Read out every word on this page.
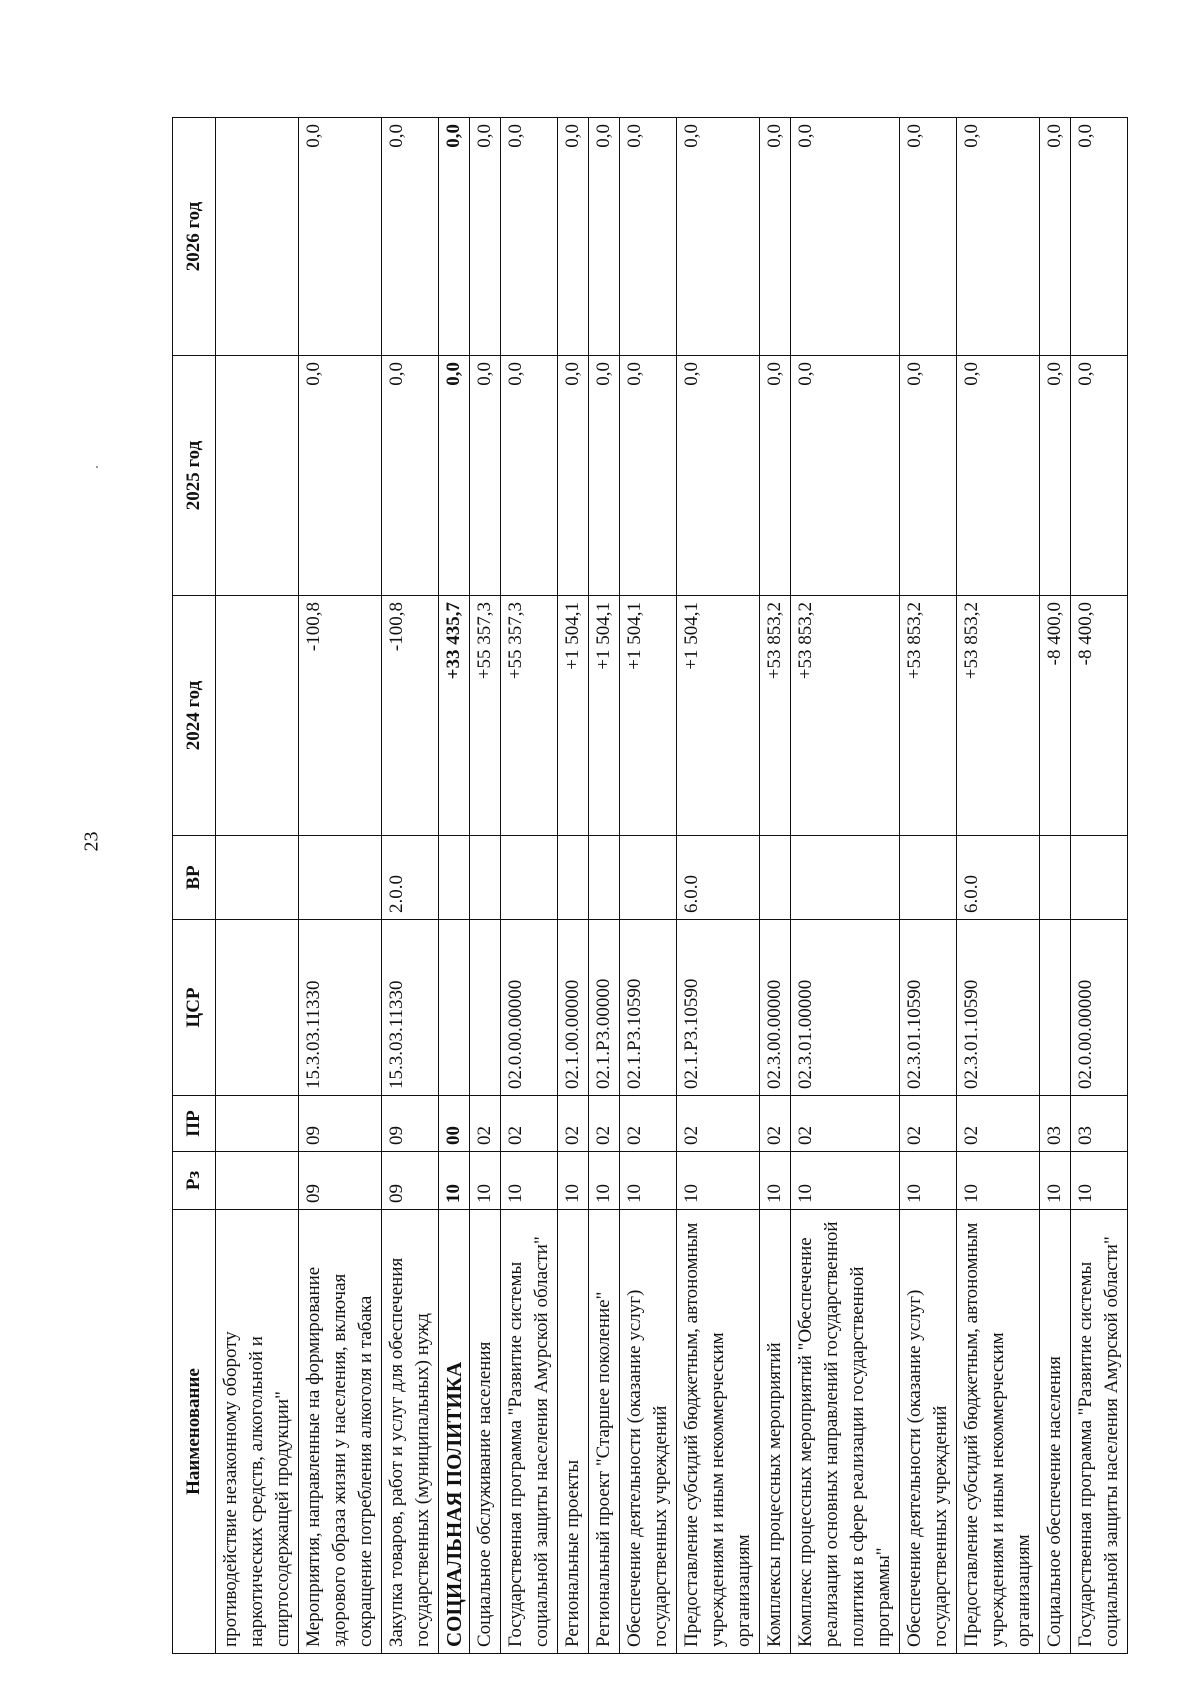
23
Наименование	Рз	ПР	ЦСР	ВР	2024 год	2025 год	2026 год
противодействие незаконному обороту наркотических средств, алкогольной и спиртосодержащей продукции"							
Мероприятия, направленные на формирование здорового образа жизни у населения, включая сокращение потребления алкоголя и табака	09	09	15.3.03.11330		-100,8	0,0	0,0
Закупка товаров, работ и услуг для обеспечения государственных (муниципальных) нужд	09	09	15.3.03.11330	2.0.0	-100,8	0,0	0,0
СОЦИАЛЬНАЯ ПОЛИТИКА	10	00			+33 435,7	0,0	0,0
Социальное обслуживание населения	10	02			+55 357,3	0,0	0,0
Государственная программа "Развитие системы социальной защиты населения Амурской области"	10	02	02.0.00.00000		+55 357,3	0,0	0,0
Региональные проекты	10	02	02.1.00.00000		+1 504,1	0,0	0,0
Региональный проект "Старшее поколение"	10	02	02.1.P3.00000		+1 504,1	0,0	0,0
Обеспечение деятельности (оказание услуг) государственных учреждений	10	02	02.1.P3.10590		+1 504,1	0,0	0,0
Предоставление субсидий бюджетным, автономным учреждениям и иным некоммерческим организациям	10	02	02.1.P3.10590	6.0.0	+1 504,1	0,0	0,0
Комплексы процессных мероприятий	10	02	02.3.00.00000		+53 853,2	0,0	0,0
Комплекс процессных мероприятий "Обеспечение реализации основных направлений государственной политики в сфере реализации государственной программы"	10	02	02.3.01.00000		+53 853,2	0,0	0,0
Обеспечение деятельности (оказание услуг) государственных учреждений	10	02	02.3.01.10590		+53 853,2	0,0	0,0
Предоставление субсидий бюджетным, автономным учреждениям и иным некоммерческим организациям	10	02	02.3.01.10590	6.0.0	+53 853,2	0,0	0,0
Социальное обеспечение населения	10	03			-8 400,0	0,0	0,0
Государственная программа "Развитие системы социальной защиты населения Амурской области"	10	03	02.0.00.00000		-8 400,0	0,0	0,0
